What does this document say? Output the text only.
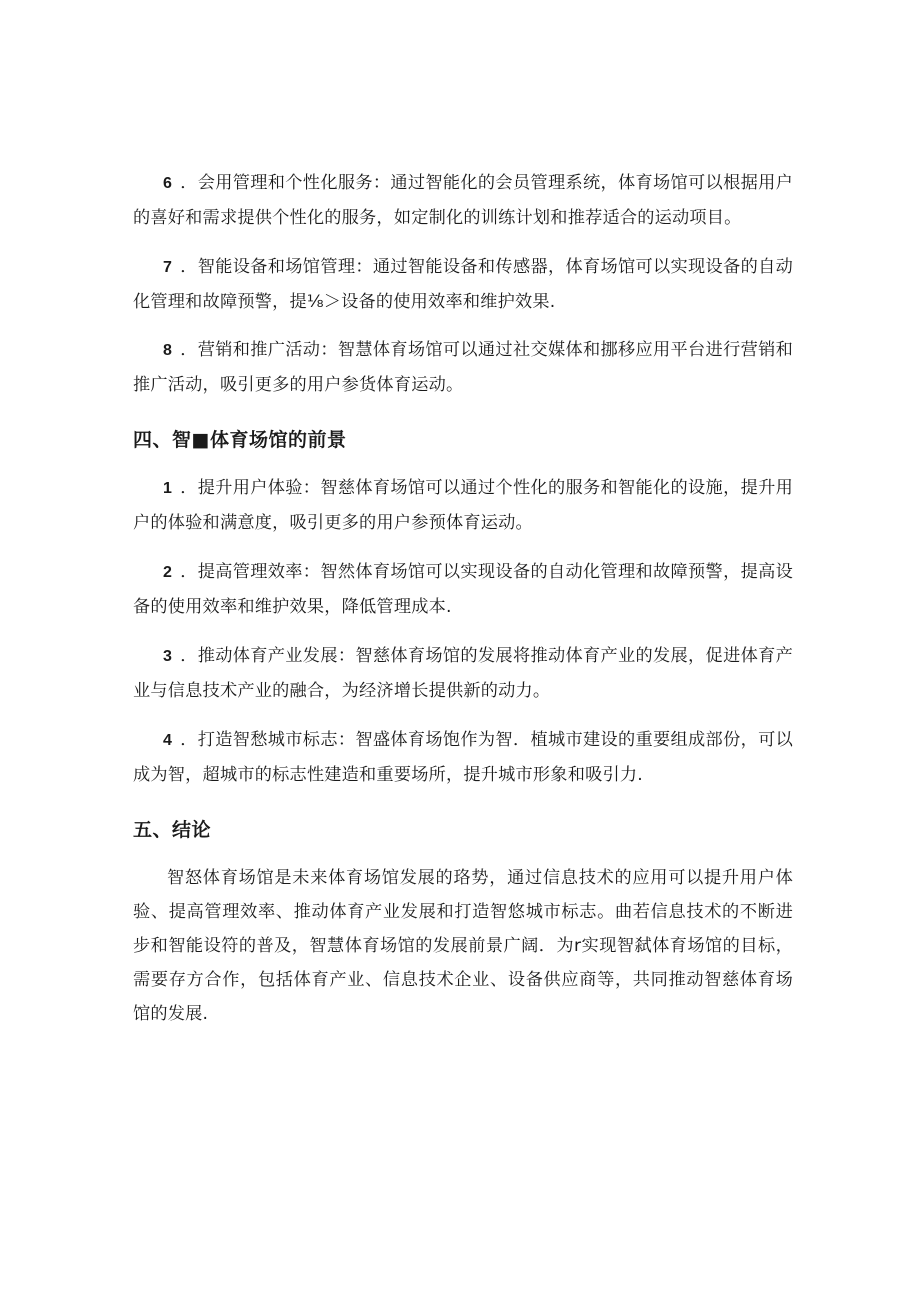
6 ．会用管理和个性化服务：通过智能化的会员管理系统，体育场馆可以根据用户的喜好和需求提供个性化的服务，如定制化的训练计划和推荐适合的运动项目。

7 ．智能设备和场馆管理：通过智能设备和传感器，体育场馆可以实现设备的自动化管理和故障预警，提⅛＞设备的使用效率和维护效果.

8 ．营销和推广活动：智慧体育场馆可以通过社交媒体和挪移应用平台进行营销和推广活动，吸引更多的用户参货体育运动。

四、智■体育场馆的前景

1 ．提升用户体验：智慈体育场馆可以通过个性化的服务和智能化的设施，提升用户的体验和满意度，吸引更多的用户参预体育运动。

2 ．提高管理效率：智然体育场馆可以实现设备的自动化管理和故障预警，提高设备的使用效率和维护效果，降低管理成本.

3 ．推动体育产业发展：智慈体育场馆的发展将推动体育产业的发展，促进体育产业与信息技术产业的融合，为经济增长提供新的动力。

4 ．打造智愁城市标志：智盛体育场饱作为智．植城市建设的重要组成部份，可以成为智，超城市的标志性建造和重要场所，提升城市形象和吸引力.

五、结论

智怒体育场馆是未来体育场馆发展的珞势，通过信息技术的应用可以提升用户体验、提高管理效率、推动体育产业发展和打造智悠城市标志。曲若信息技术的不断进步和智能设符的普及，智慧体育场馆的发展前景广阔．为r实现智弑体育场馆的目标，需要存方合作，包括体育产业、信息技术企业、设备供应商等，共同推动智慈体育场馆的发展.
